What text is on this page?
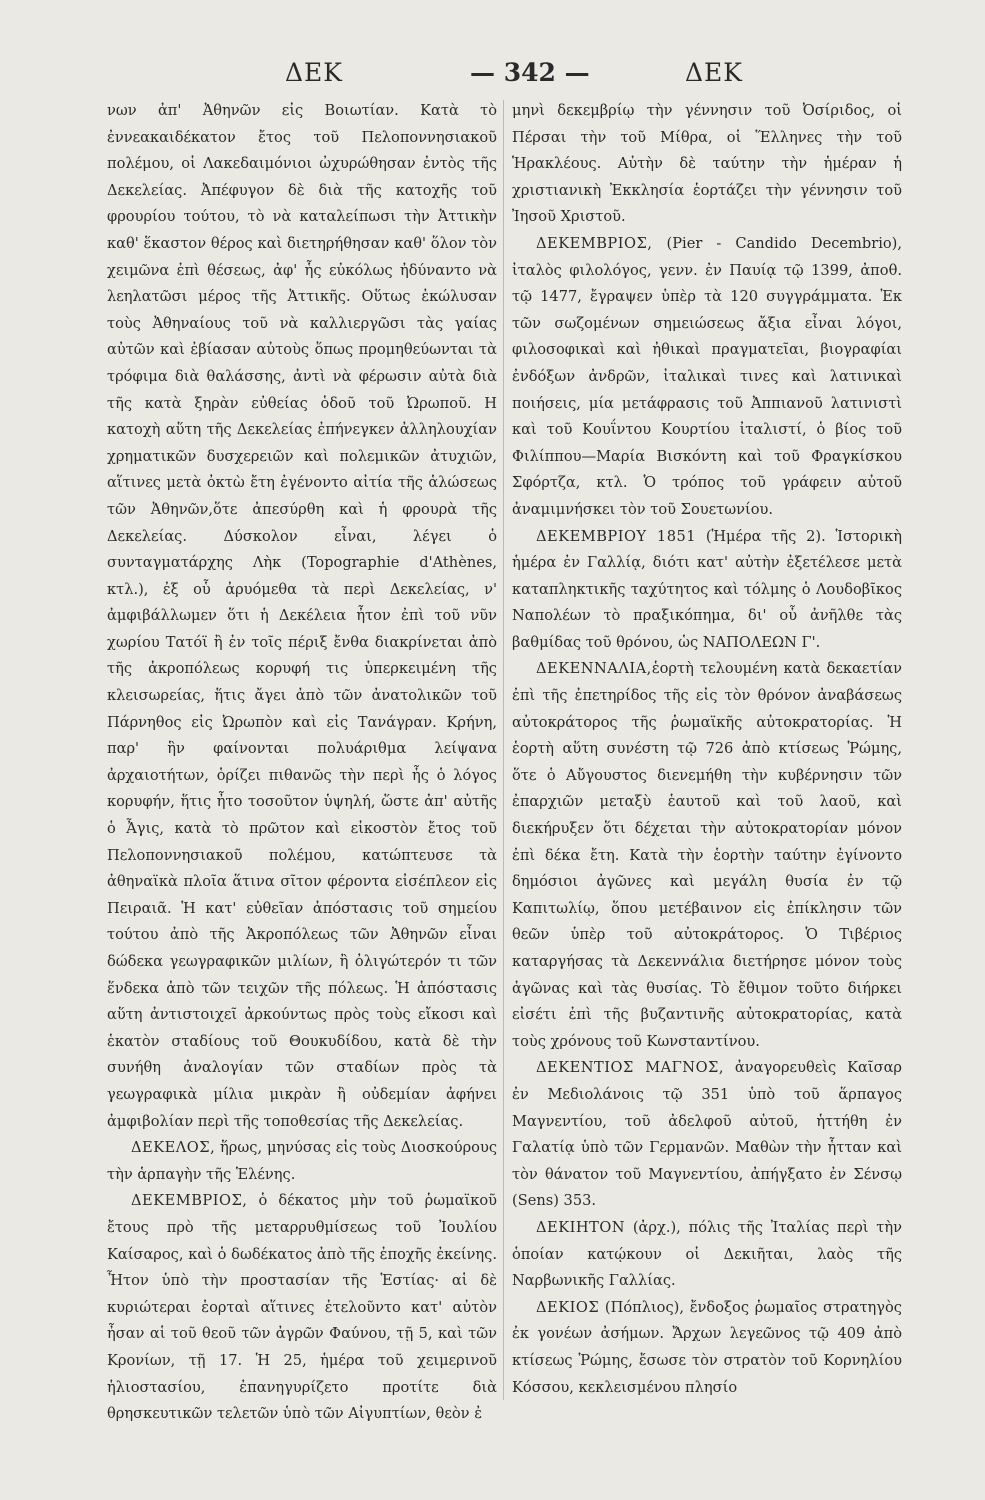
ΔΕΚ	— 342 —	ΔΕΚ

νων ἀπ' Ἀθηνῶν εἰς Βοιωτίαν. Κατὰ τὸ ἐννεακαιδέκατον ἔτος τοῦ Πελοποννησιακοῦ πολέμου, οἱ Λακεδαιμόνιοι ὠχυρώθησαν ἐντὸς τῆς Δεκελείας. Ἀπέφυγον δὲ διὰ τῆς κατοχῆς τοῦ φρουρίου τούτου, τὸ νὰ καταλείπωσι τὴν Ἀττικὴν καθ' ἕκαστον θέρος καὶ διετηρήθησαν καθ' ὅλον τὸν χειμῶνα ἐπὶ θέσεως, ἀφ' ἧς εὐκόλως ἠδύναντο νὰ λεηλατῶσι μέρος τῆς Ἀττικῆς. Οὕτως ἐκώλυσαν τοὺς Ἀθηναίους τοῦ νὰ καλλιεργῶσι τὰς γαίας αὐτῶν καὶ ἐβίασαν αὐτοὺς ὅπως προμηθεύωνται τὰ τρόφιμα διὰ θαλάσσης, ἀντὶ νὰ φέρωσιν αὐτὰ διὰ τῆς κατὰ ξηρὰν εὐθείας ὁδοῦ τοῦ Ὠρωποῦ. Η κατοχὴ αὕτη τῆς Δεκελείας ἐπήνεγκεν ἀλληλουχίαν χρηματικῶν δυσχερειῶν καὶ πολεμικῶν ἀτυχιῶν, αἵτινες μετὰ ὀκτὼ ἔτη ἐγένοντο αἰτία τῆς ἁλώσεως τῶν Ἀθηνῶν,ὅτε ἀπεσύρθη καὶ ἡ φρουρὰ τῆς Δεκελείας. Δύσκολον εἶναι, λέγει ὁ συνταγματάρχης Λὴκ (Topographie d'Athènes, κτλ.), ἐξ οὗ ἀρυόμεθα τὰ περὶ Δεκελείας, ν' ἀμφιβάλλωμεν ὅτι ἡ Δεκέλεια ἦτον ἐπὶ τοῦ νῦν χωρίου Τατόϊ ἢ ἐν τοῖς πέριξ ἔνθα διακρίνεται ἀπὸ τῆς ἀκροπόλεως κορυφή τις ὑπερκειμένη τῆς κλεισωρείας, ἥτις ἄγει ἀπὸ τῶν ἀνατολικῶν τοῦ Πάρνηθος εἰς Ὠρωπὸν καὶ εἰς Τανάγραν. Κρήνη, παρ' ἣν φαίνονται πολυάριθμα λείψανα ἀρχαιοτήτων, ὁρίζει πιθανῶς τὴν περὶ ἧς ὁ λόγος κορυφήν, ἥτις ἦτο τοσοῦτον ὑψηλή, ὥστε ἀπ' αὐτῆς ὁ Ἆγις, κατὰ τὸ πρῶτον καὶ εἰκοστὸν ἔτος τοῦ Πελοποννησιακοῦ πολέμου, κατώπτευσε τὰ ἀθηναϊκὰ πλοῖα ἅτινα σῖτον φέροντα εἰσέπλεον εἰς Πειραιᾶ. Ἡ κατ' εὐθεῖαν ἀπόστασις τοῦ σημείου τούτου ἀπὸ τῆς Ἀκροπόλεως τῶν Ἀθηνῶν εἶναι δώδεκα γεωγραφικῶν μιλίων, ἢ ὀλιγώτερόν τι τῶν ἕνδεκα ἀπὸ τῶν τειχῶν τῆς πόλεως. Ἡ ἀπόστασις αὕτη ἀντιστοιχεῖ ἀρκούντως πρὸς τοὺς εἴκοσι καὶ ἑκατὸν σταδίους τοῦ Θουκυδίδου, κατὰ δὲ τὴν συνήθη ἀναλογίαν τῶν σταδίων πρὸς τὰ γεωγραφικὰ μίλια μικρὰν ἢ οὐδεμίαν ἀφήνει ἀμφιβολίαν περὶ τῆς τοποθεσίας τῆς Δεκελείας.

ΔΕΚΕΛΟΣ, ἥρως, μηνύσας εἰς τοὺς Διοσκούρους τὴν ἁρπαγὴν τῆς Ἑλένης.

ΔΕΚΕΜΒΡΙΟΣ, ὁ δέκατος μὴν τοῦ ῥωμαϊκοῦ ἔτους πρὸ τῆς μεταρρυθμίσεως τοῦ Ἰουλίου Καίσαρος, καὶ ὁ δωδέκατος ἀπὸ τῆς ἐποχῆς ἐκείνης. Ἦτον ὑπὸ τὴν προστασίαν τῆς Ἑστίας· αἱ δὲ κυριώτεραι ἑορταὶ αἵτινες ἐτελοῦντο κατ' αὐτὸν ἦσαν αἱ τοῦ θεοῦ τῶν ἀγρῶν Φαύνου, τῇ 5, καὶ τῶν Κρονίων, τῇ 17. Ἡ 25, ἡμέρα τοῦ χειμερινοῦ ἡλιοστασίου, ἐπανηγυρίζετο προτίτε διὰ θρησκευτικῶν τελετῶν ὑπὸ τῶν Αἰγυπτίων, θεὸν ἐ

μηνὶ δεκεμβρίῳ τὴν γέννησιν τοῦ Ὀσίριδος, οἱ Πέρσαι τὴν τοῦ Μίθρα, οἱ Ἕλληνες τὴν τοῦ Ἡρακλέους. Αὐτὴν δὲ ταύτην τὴν ἡμέραν ἡ χριστιανικὴ Ἐκκλησία ἑορτάζει τὴν γέννησιν τοῦ Ἰησοῦ Χριστοῦ.

ΔΕΚΕΜΒΡΙΟΣ, (Pier - Candido Decembrio), ἰταλὸς φιλολόγος, γενν. ἐν Παυίᾳ τῷ 1399, ἀποθ. τῷ 1477, ἔγραψεν ὑπὲρ τὰ 120 συγγράμματα. Ἐκ τῶν σωζομένων σημειώσεως ἄξια εἶναι λόγοι, φιλοσοφικαὶ καὶ ἠθικαὶ πραγματεῖαι, βιογραφίαι ἐνδόξων ἀνδρῶν, ἰταλικαὶ τινες καὶ λατινικαὶ ποιήσεις, μία μετάφρασις τοῦ Ἀππιανοῦ λατινιστὶ καὶ τοῦ Κουΐντου Κουρτίου ἰταλιστί, ὁ βίος τοῦ Φιλίππου—Μαρία Βισκόντη καὶ τοῦ Φραγκίσκου Σφόρτζα, κτλ. Ὁ τρόπος τοῦ γράφειν αὐτοῦ ἀναμιμνήσκει τὸν τοῦ Σουετωνίου.

ΔΕΚΕΜΒΡΙΟΥ 1851 (Ἡμέρα τῆς 2). Ἱστορικὴ ἡμέρα ἐν Γαλλίᾳ, διότι κατ' αὐτὴν ἐξετέλεσε μετὰ καταπληκτικῆς ταχύτητος καὶ τόλμης ὁ Λουδοβῖκος Ναπολέων τὸ πραξικόπημα, δι' οὗ ἀνῆλθε τὰς βαθμίδας τοῦ θρόνου, ὡς ΝΑΠΟΛΕΩΝ Γ'.

ΔΕΚΕΝΝΑΛΙΑ,ἑορτὴ τελουμένη κατὰ δεκαετίαν ἐπὶ τῆς ἐπετηρίδος τῆς εἰς τὸν θρόνον ἀναβάσεως αὐτοκράτορος τῆς ῥωμαϊκῆς αὐτοκρατορίας. Ἡ ἑορτὴ αὕτη συνέστη τῷ 726 ἀπὸ κτίσεως Ῥώμης, ὅτε ὁ Αὔγουστος διενεμήθη τὴν κυβέρνησιν τῶν ἐπαρχιῶν μεταξὺ ἑαυτοῦ καὶ τοῦ λαοῦ, καὶ διεκήρυξεν ὅτι δέχεται τὴν αὐτοκρατορίαν μόνον ἐπὶ δέκα ἔτη. Κατὰ τὴν ἑορτὴν ταύτην ἐγίνοντο δημόσιοι ἀγῶνες καὶ μεγάλη θυσία ἐν τῷ Καπιτωλίῳ, ὅπου μετέβαινον εἰς ἐπίκλησιν τῶν θεῶν ὑπὲρ τοῦ αὐτοκράτορος. Ὁ Τιβέριος καταργήσας τὰ Δεκεννάλια διετήρησε μόνον τοὺς ἀγῶνας καὶ τὰς θυσίας. Τὸ ἔθιμον τοῦτο διήρκει εἰσέτι ἐπὶ τῆς βυζαντινῆς αὐτοκρατορίας, κατὰ τοὺς χρόνους τοῦ Κωνσταντίνου.

ΔΕΚΕΝΤΙΟΣ ΜΑΓΝΟΣ, ἀναγορευθεὶς Καῖσαρ ἐν Μεδιολάνοις τῷ 351 ὑπὸ τοῦ ἅρπαγος Μαγνεντίου, τοῦ ἀδελφοῦ αὐτοῦ, ἡττήθη ἐν Γαλατίᾳ ὑπὸ τῶν Γερμανῶν. Μαθὼν τὴν ἧτταν καὶ τὸν θάνατον τοῦ Μαγνεντίου, ἀπήγξατο ἐν Σένσῳ (Sens) 353.

ΔΕΚΙΗΤΟΝ (ἀρχ.), πόλις τῆς Ἰταλίας περὶ τὴν ὁποίαν κατῴκουν οἱ Δεκιῆται, λαὸς τῆς Ναρβωνικῆς Γαλλίας.

ΔΕΚΙΟΣ (Πόπλιος), ἔνδοξος ῥωμαῖος στρατηγὸς ἐκ γονέων ἀσήμων. Ἄρχων λεγεῶνος τῷ 409 ἀπὸ κτίσεως Ῥώμης, ἔσωσε τὸν στρατὸν τοῦ Κορνηλίου Κόσσου, κεκλεισμένου πλησίο
